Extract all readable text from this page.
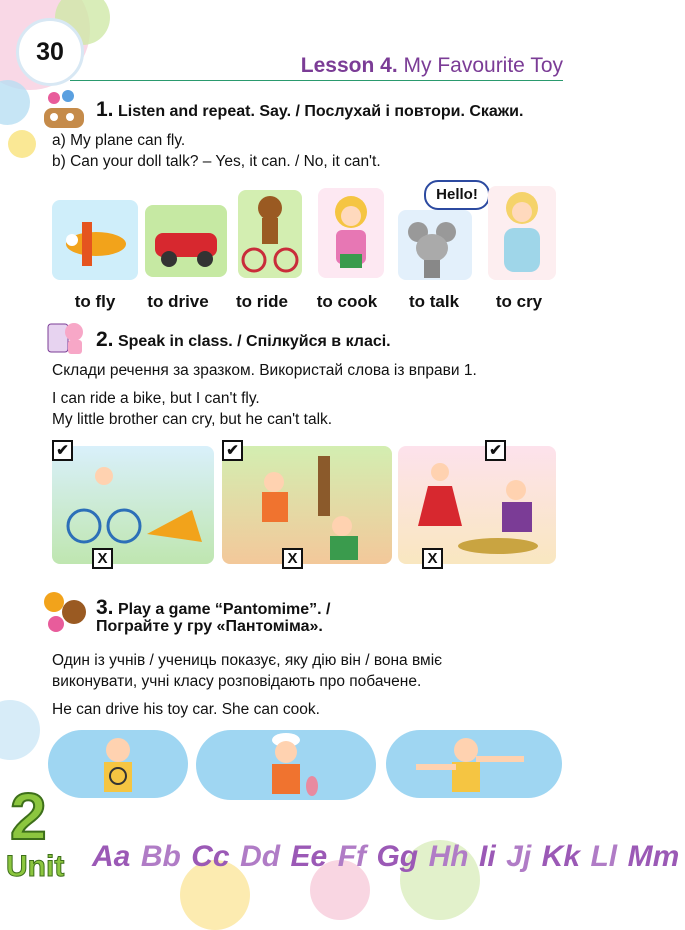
30	Lesson 4. My Favourite Toy
1. Listen and repeat. Say. / Послухай і повтори. Скажи.
a) My plane can fly.
b) Can your doll talk? – Yes, it can. / No, it can't.
Hello!
to fly	to drive	to ride	to cook	to talk	to cry
2. Speak in class. / Спілкуйся в класі.
Склади речення за зразком. Використай слова із вправи 1.
I can ride a bike, but I can't fly.
My little brother can cry, but he can't talk.
✔	✔	✔
X	X	X
3. Play a game “Pantomime”. /
Пограйте у гру «Пантоміма».
Один із учнів / учениць показує, яку дію він / вона вміє
виконувати, учні класу розповідають про побачене.
He can drive his toy car. She can cook.
2
Unit Aa Bb Cc Dd Ee Ff Gg Hh Ii Jj Kk Ll Mm
